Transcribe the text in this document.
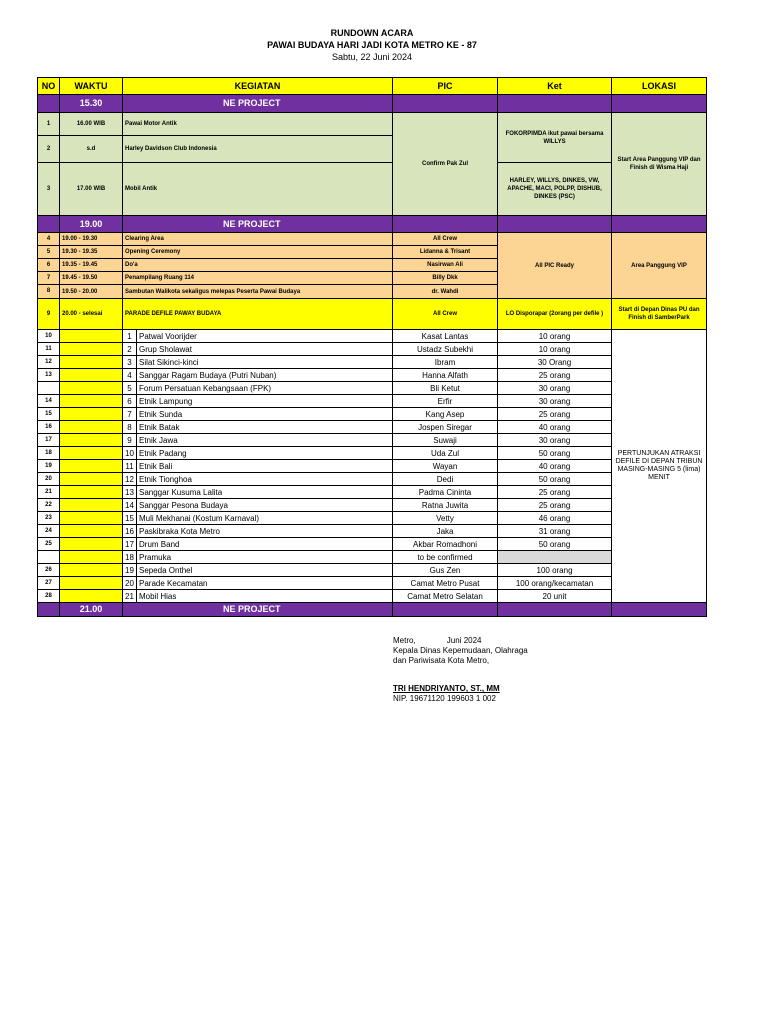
RUNDOWN ACARA
PAWAI BUDAYA HARI JADI KOTA METRO KE - 87
Sabtu, 22 Juni 2024
NO	WAKTU	KEGIATAN		PIC	Ket	LOKASI
	15.30	NE PROJECT				
1	16.00 WIB	Pawai Motor Antik		Confirm Pak Zul	FOKORPIMDA ikut pawai bersama WILLYS	Start Area Panggung VIP dan Finish di Wisma Haji
2	s.d	Harley Davidson Club Indonesia				
3	17.00 WIB	Mobil Antik			HARLEY, WILLYS, DINKES, VW, APACHE, MACI, POLPP, DISHUB, DINKES (PSC)	
	19.00	NE PROJECT				
4	19.00 - 19.30	Clearing Area		All Crew	All PIC Ready	Area Panggung VIP
5	19.30 - 19.35	Opening Ceremony		Lidanna & Trisant		
6	19.35 - 19.45	Do'a		Nasirwan Ali		
7	19.45 - 19.50	Penampilang Ruang 114		Billy Dkk		
8	19.50 - 20.00	Sambutan Walikota sekaligus melepas Peserta Pawai Budaya		dr. Wahdi		
9	20.00 - selesai	PARADE DEFILE PAWAY BUDAYA		All Crew	LO Disporapar (2orang per defile )	Start di Depan Dinas PU dan Finish di SamberPark
10		1	Patwal Voorijder	Kasat Lantas	10 orang	PERTUNJUKAN ATRAKSI DEFILE DI DEPAN TRIBUN MASING-MASING 5 (lima) MENIT
11		2	Grup Sholawat	Ustadz Subekhi	10 orang	
12		3	Silat Sikinci-kinci	Ibram	30 Orang	
13		4	Sanggar Ragam Budaya (Putri Nuban)	Hanna Alfath	25 orang	
		5	Forum Persatuan Kebangsaan (FPK)	Bli Ketut	30 orang	
14		6	Etnik Lampung	Erfir	30 orang	
15		7	Etnik Sunda	Kang Asep	25 orang	
16		8	Etnik Batak	Jospen Siregar	40 orang	
17		9	Etnik Jawa	Suwaji	30 orang	
18		10	Etnik Padang	Uda Zul	50 orang	
19		11	Etnik Bali	Wayan	40 orang	
20		12	Etnik Tionghoa	Dedi	50 orang	
21		13	Sanggar Kusuma Lalita	Padma Cininta	25 orang	
22		14	Sanggar Pesona Budaya	Ratna Juwita	25 orang	
23		15	Muli Mekhanai (Kostum Karnaval)	Vetty	46 orang	
24		16	Paskibraka Kota Metro	Jaka	31 orang	
25		17	Drum Band	Akbar Romadhoni	50 orang	
		18	Pramuka	to be confirmed		
26		19	Sepeda Onthel	Gus Zen	100 orang	
27		20	Parade Kecamatan	Camat Metro Pusat	100 orang/kecamatan	
28		21	Mobil Hias	Camat Metro Selatan	20 unit	
	21.00	NE PROJECT				
Metro,              Juni 2024
Kepala Dinas Kepemudaan, Olahraga
dan Pariwisata Kota Metro,
TRI HENDRIYANTO, ST., MM
NIP. 19671120 199603 1 002
